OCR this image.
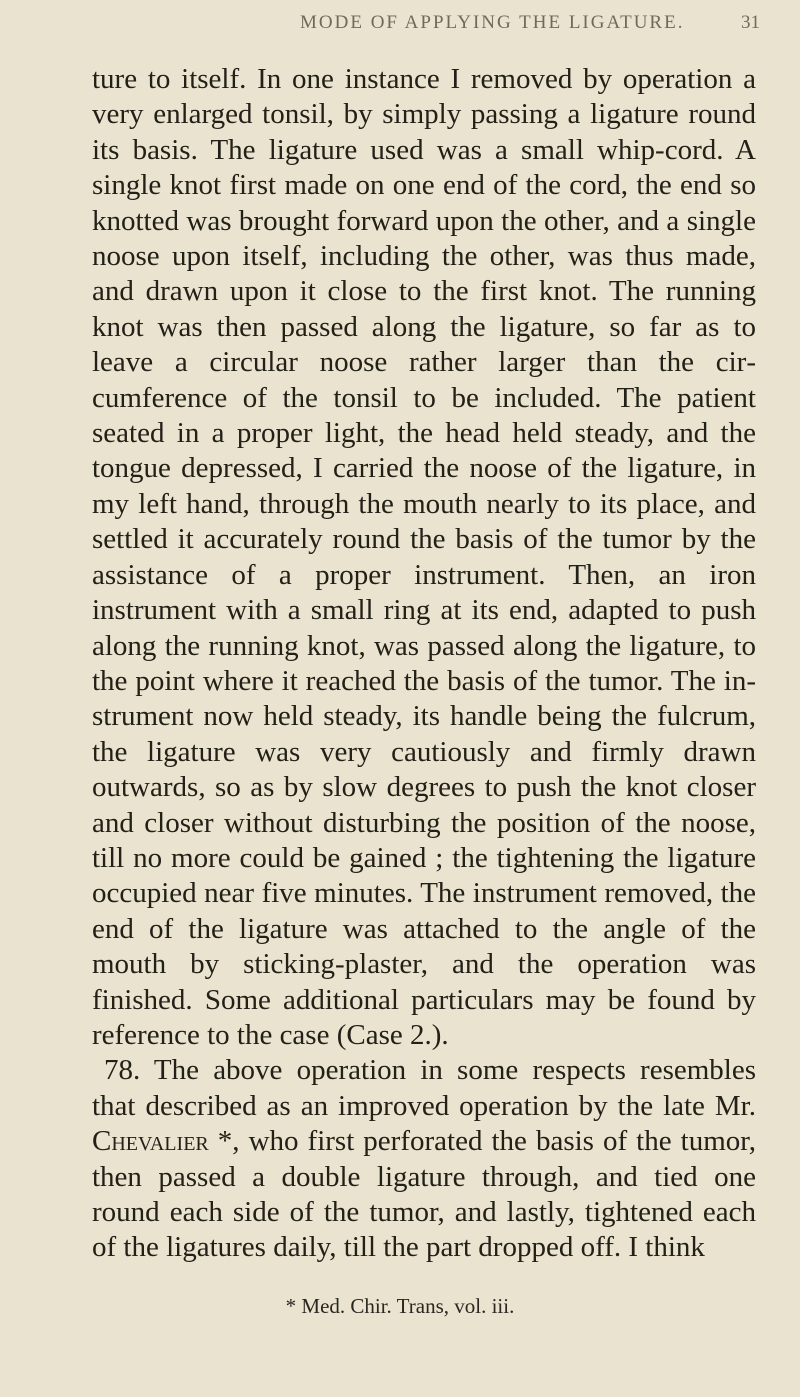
MODE OF APPLYING THE LIGATURE.	31

ture to itself. In one instance I removed by operation a very enlarged tonsil, by simply passing a ligature round its basis. The ligature used was a small whip-cord. A single knot first made on one end of the cord, the end so knotted was brought forward upon the other, and a single noose upon itself, including the other, was thus made, and drawn upon it close to the first knot. The running knot was then passed along the ligature, so far as to leave a circular noose rather larger than the circumference of the tonsil to be included. The patient seated in a proper light, the head held steady, and the tongue depressed, I carried the noose of the ligature, in my left hand, through the mouth nearly to its place, and settled it accurately round the basis of the tumor by the assistance of a proper instrument. Then, an iron instrument with a small ring at its end, adapted to push along the running knot, was passed along the ligature, to the point where it reached the basis of the tumor. The instrument now held steady, its handle being the fulcrum, the ligature was very cautiously and firmly drawn outwards, so as by slow degrees to push the knot closer and closer without disturbing the position of the noose, till no more could be gained ; the tightening the ligature occupied near five minutes. The instrument removed, the end of the ligature was attached to the angle of the mouth by sticking-plaster, and the operation was finished. Some additional particulars may be found by reference to the case (Case 2.).

78. The above operation in some respects resembles that described as an improved operation by the late Mr. Chevalier *, who first perforated the basis of the tumor, then passed a double ligature through, and tied one round each side of the tumor, and lastly, tightened each of the ligatures daily, till the part dropped off. I think

* Med. Chir. Trans, vol. iii.
